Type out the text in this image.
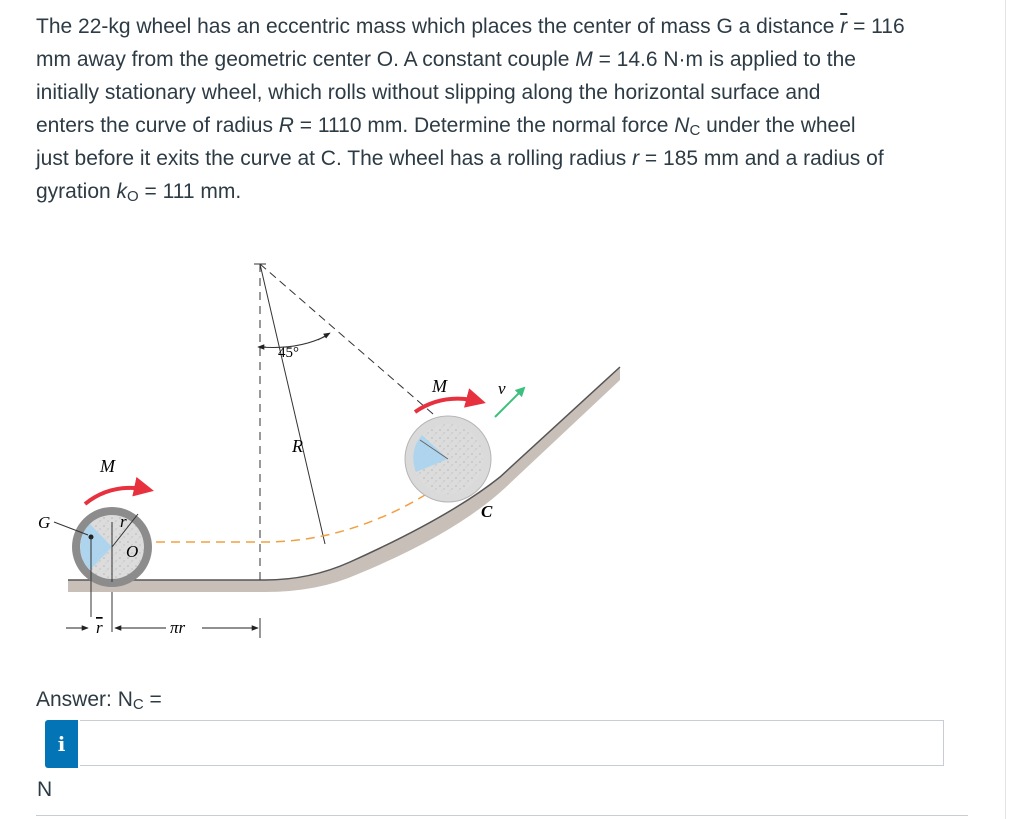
The 22-kg wheel has an eccentric mass which places the center of mass G a distance $\overline{r} = 116$
mm away from the geometric center O. A constant couple M = 14.6 N·m is applied to the
initially stationary wheel, which rolls without slipping along the horizontal surface and
enters the curve of radius R = 1110 mm. Determine the normal force $N_C$ under the wheel
just before it exits the curve at C. The wheel has a rolling radius r = 185 mm and a radius of
gyration $k_O = 111$ mm.
45°
R
r
O
G
M
M	v
C
r	πr
Answer: $N_C$ =
i
N
